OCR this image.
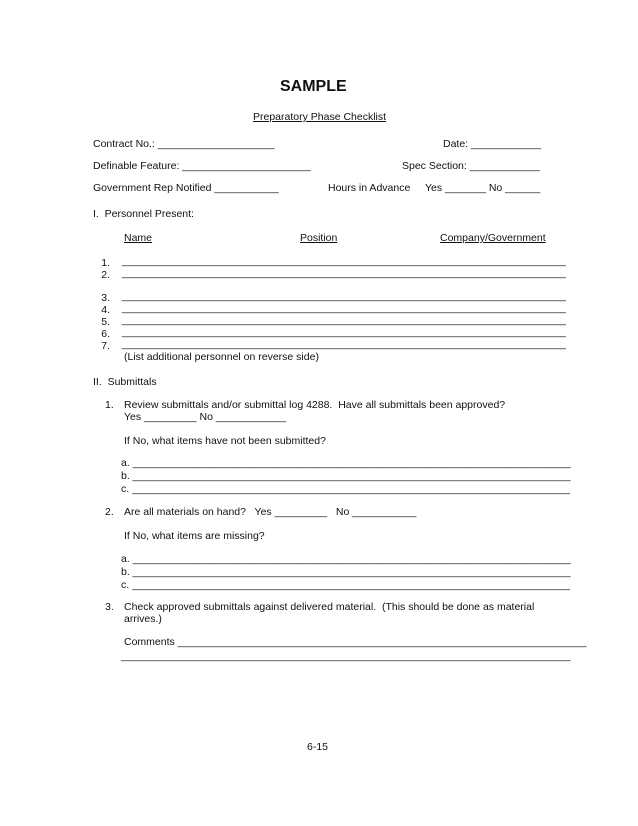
SAMPLE
Preparatory Phase Checklist
Contract No.: ____________________	Date: ____________
Definable Feature: ______________________	Spec Section: ____________
Government Rep Notified ___________	Hours in Advance Yes _______ No ______
I.  Personnel Present:
Name	Position	Company/Government
1. ____________________________________________________________________________
2. ____________________________________________________________________________
3. ____________________________________________________________________________
4. ____________________________________________________________________________
5. ____________________________________________________________________________
6. ____________________________________________________________________________
7. ____________________________________________________________________________
(List additional personnel on reverse side)
II.  Submittals
1. Review submittals and/or submittal log 4288.  Have all submittals been approved?
Yes _________ No ____________
If No, what items have not been submitted?
a. ___________________________________________________________________________
b. ___________________________________________________________________________
c. ___________________________________________________________________________
2. Are all materials on hand?   Yes _________   No ___________
If No, what items are missing?
a. ___________________________________________________________________________
b. ___________________________________________________________________________
c. ___________________________________________________________________________
3. Check approved submittals against delivered material.  (This should be done as material
arrives.)
Comments ______________________________________________________________________
_____________________________________________________________________________
6-15
